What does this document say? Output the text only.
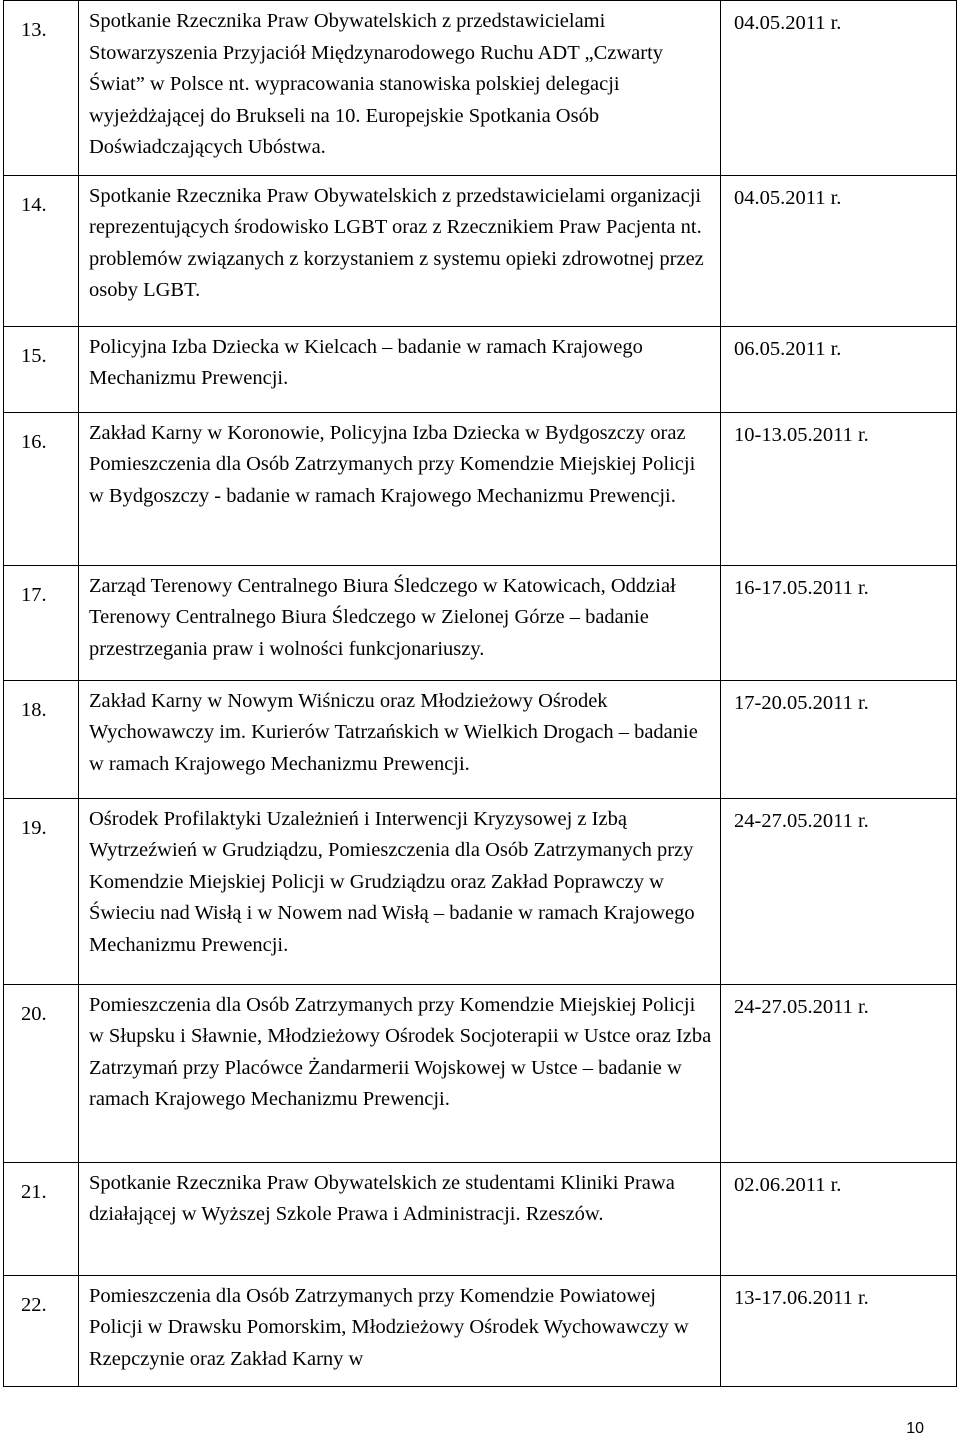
13.	Spotkanie Rzecznika Praw Obywatelskich z przedstawicielami Stowarzyszenia Przyjaciół Międzynarodowego Ruchu ADT „Czwarty Świat” w Polsce nt. wypracowania stanowiska polskiej delegacji wyjeżdżającej do Brukseli na 10. Europejskie Spotkania Osób Doświadczających Ubóstwa.	04.05.2011 r.
14.	Spotkanie Rzecznika Praw Obywatelskich z przedstawicielami organizacji reprezentujących środowisko LGBT oraz z Rzecznikiem Praw Pacjenta nt. problemów związanych z korzystaniem z systemu opieki zdrowotnej przez osoby LGBT.	04.05.2011 r.
15.	Policyjna Izba Dziecka w Kielcach – badanie w ramach Krajowego Mechanizmu Prewencji.	06.05.2011 r.
16.	Zakład Karny w Koronowie, Policyjna Izba Dziecka w Bydgoszczy oraz Pomieszczenia dla Osób Zatrzymanych przy Komendzie Miejskiej Policji w Bydgoszczy - badanie w ramach Krajowego Mechanizmu Prewencji.	10-13.05.2011 r.
17.	Zarząd Terenowy Centralnego Biura Śledczego w Katowicach, Oddział Terenowy Centralnego Biura Śledczego w Zielonej Górze – badanie przestrzegania praw i wolności funkcjonariuszy.	16-17.05.2011 r.
18.	Zakład Karny w Nowym Wiśniczu oraz Młodzieżowy Ośrodek Wychowawczy im. Kurierów Tatrzańskich w Wielkich Drogach – badanie w ramach Krajowego Mechanizmu Prewencji.	17-20.05.2011 r.
19.	Ośrodek Profilaktyki Uzależnień i Interwencji Kryzysowej z Izbą Wytrzeźwień w Grudziądzu, Pomieszczenia dla Osób Zatrzymanych przy Komendzie Miejskiej Policji w Grudziądzu oraz Zakład Poprawczy w Świeciu nad Wisłą i w Nowem nad Wisłą – badanie w ramach Krajowego Mechanizmu Prewencji.	24-27.05.2011 r.
20.	Pomieszczenia dla Osób Zatrzymanych przy Komendzie Miejskiej Policji w Słupsku i Sławnie, Młodzieżowy Ośrodek Socjoterapii w Ustce oraz Izba Zatrzymań przy Placówce Żandarmerii Wojskowej w Ustce – badanie w ramach Krajowego Mechanizmu Prewencji.	24-27.05.2011 r.
21.	Spotkanie Rzecznika Praw Obywatelskich ze studentami Kliniki Prawa działającej w Wyższej Szkole Prawa i Administracji. Rzeszów.	02.06.2011 r.
22.	Pomieszczenia dla Osób Zatrzymanych przy Komendzie Powiatowej Policji w Drawsku Pomorskim, Młodzieżowy Ośrodek Wychowawczy w Rzepczynie oraz Zakład Karny w	13-17.06.2011 r.
10
